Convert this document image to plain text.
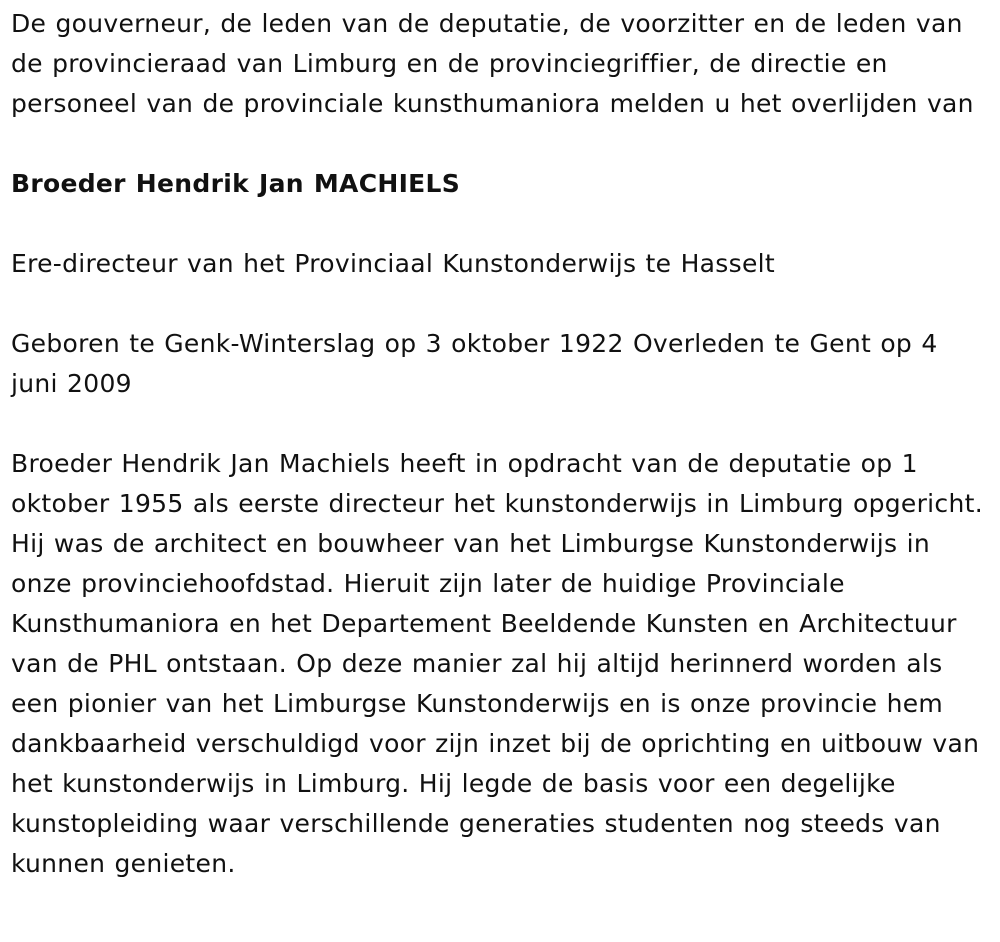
De gouverneur, de leden van de deputatie, de voorzitter en de leden van de provincieraad van Limburg en de provinciegriffier, de directie en personeel van de provinciale kunsthumaniora melden u het overlijden van

Broeder Hendrik Jan MACHIELS

Ere-directeur van het Provinciaal Kunstonderwijs te Hasselt

Geboren te Genk-Winterslag op 3 oktober 1922 Overleden te Gent op 4 juni 2009

Broeder Hendrik Jan Machiels heeft in opdracht van de deputatie op 1 oktober 1955 als eerste directeur het kunstonderwijs in Limburg opgericht. Hij was de architect en bouwheer van het Limburgse Kunstonderwijs in onze provinciehoofdstad. Hieruit zijn later de huidige Provinciale Kunsthumaniora en het Departement Beeldende Kunsten en Architectuur van de PHL ontstaan. Op deze manier zal hij altijd herinnerd worden als een pionier van het Limburgse Kunstonderwijs en is onze provincie hem dankbaarheid verschuldigd voor zijn inzet bij de oprichting en uitbouw van het kunstonderwijs in Limburg. Hij legde de basis voor een degelijke kunstopleiding waar verschillende generaties studenten nog steeds van kunnen genieten.
